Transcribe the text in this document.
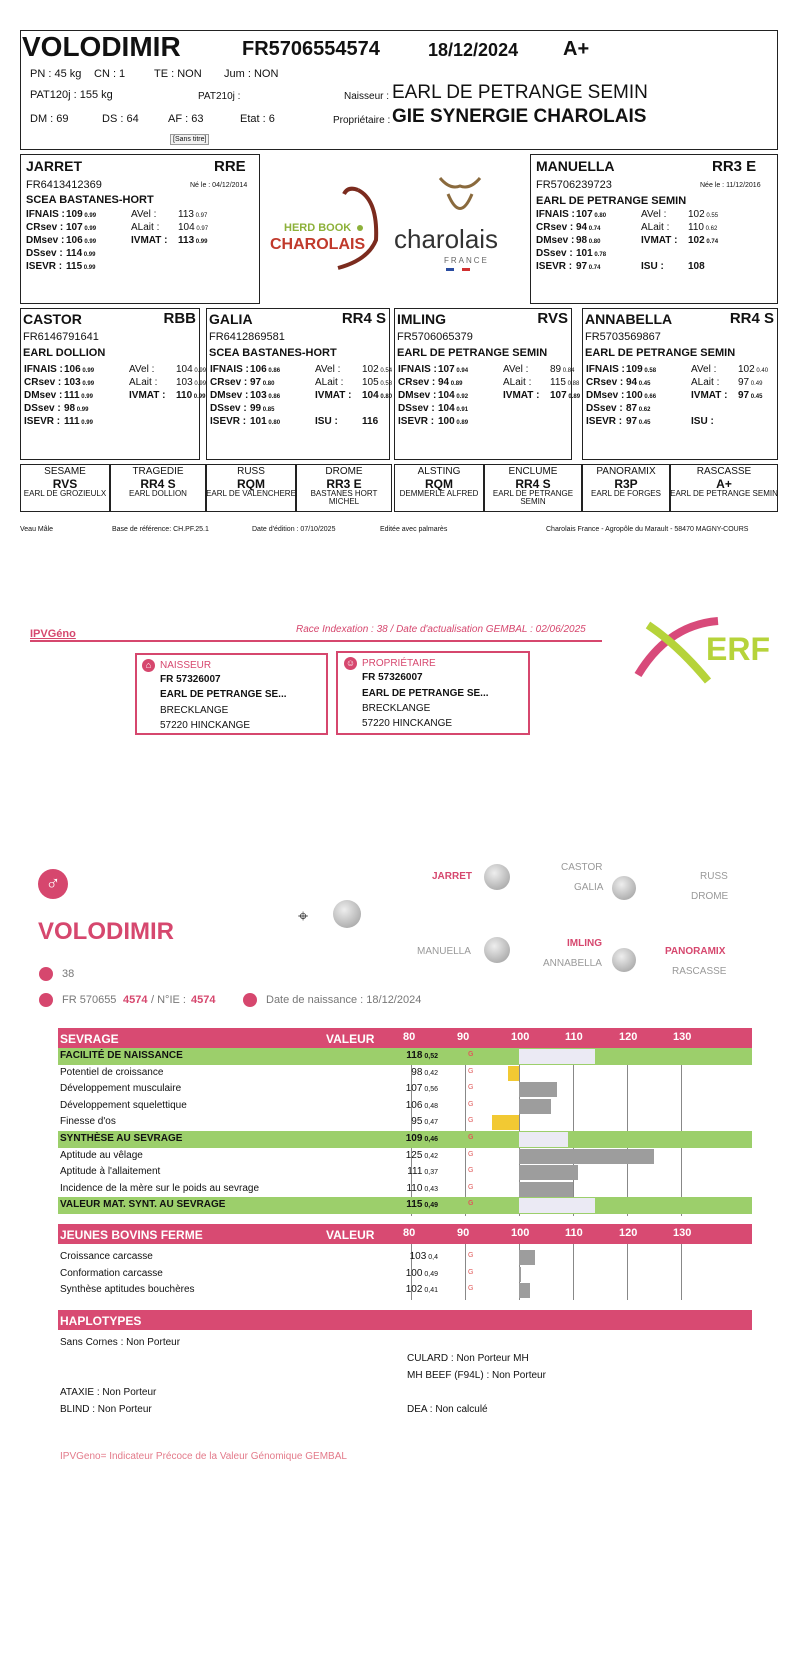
VOLODIMIR	FR5706554574	18/12/2024 A+
PN : 45 kg CN : 1	TE : NON Jum : NON
PAT120j : 155 kg	PAT210j :	Naisseur : EARL DE PETRANGE SEMIN
DM : 69	DS : 64	AF : 63	Etat : 6	Propriétaire : GIE SYNERGIE CHAROLAIS
[Sans titre]
JARRET	RRE
FR6413412369	Né le : 04/12/2014
SCEA BASTANES-HORT
IFNAIS : 109 0.99	AVel : 113 0.97
CRsev : 107 0.99	ALait : 104 0.97
DMsev : 106 0.99	IVMAT : 113 0.99
DSsev : 114 0.99
ISEVR : 115 0.99
HERD BOOK
CHAROLAIS charolais
FRANCE
MANUELLA	RR3 E
FR5706239723	Née le : 11/12/2016
EARL DE PETRANGE SEMIN
IFNAIS : 107 0.80	AVel : 102 0.55
CRsev : 94 0.74	ALait : 110 0.62
DMsev : 98 0.80	IVMAT : 102 0.74
DSsev : 101 0.78
ISEVR : 97 0.74	ISU : 108
CASTOR	RBB
FR6146791641
EARL DOLLION
IFNAIS : 106 0.99	AVel : 104 0.99
CRsev : 103 0.99	ALait : 103 0.99
DMsev : 111 0.99	IVMAT : 110 0.99
DSsev : 98 0.99
ISEVR : 111 0.99
GALIA	RR4 S
FR6412869581
SCEA BASTANES-HORT
IFNAIS : 106 0.86	AVel : 102 0.54
CRsev : 97 0.80	ALait : 105 0.58
DMsev : 103 0.86	IVMAT : 104 0.80
DSsev : 99 0.85
ISEVR : 101 0.80	ISU : 116
IMLING	RVS
FR5706065379
EARL DE PETRANGE SEMIN
IFNAIS : 107 0.94	AVel : 89 0.84
CRsev : 94 0.89	ALait : 115 0.88
DMsev : 104 0.92	IVMAT : 107 0.89
DSsev : 104 0.91
ISEVR : 100 0.89
ANNABELLA	RR4 S
FR5703569867
EARL DE PETRANGE SEMIN
IFNAIS : 109 0.58	AVel : 102 0.40
CRsev : 94 0.45	ALait : 97 0.49
DMsev : 100 0.66	IVMAT : 97 0.45
DSsev : 87 0.62
ISEVR : 97 0.45	ISU :
SESAME
RVS
EARL DE GROZIEULX
TRAGEDIE
RR4 S
EARL DOLLION
RUSS
RQM
EARL DE VALENCHERE
DROME
RR3 E
BASTANES HORT MICHEL
ALSTING
RQM
DEMMERLE ALFRED
ENCLUME
RR4 S
EARL DE PETRANGE SEMIN
PANORAMIX
R3P
EARL DE FORGES
RASCASSE
A+
EARL DE PETRANGE SEMIN
Veau Mâle	Base de référence: CH.PF.25.1	Date d'édition : 07/10/2025	Editée avec palmarès	Charolais France - Agropôle du Marault - 58470 MAGNY-COURS
IPVGéno	Race Indexation : 38 / Date d'actualisation GEMBAL : 02/06/2025
ERF
⌂ NAISSEUR
FR 57326007
EARL DE PETRANGE SE...
BRECKLANGE
57220 HINCKANGE
☺ PROPRIÉTAIRE
FR 57326007
EARL DE PETRANGE SE...
BRECKLANGE
57220 HINCKANGE
♂
VOLODIMIR
38
FR 570655 4574 / N°IE : 4574	Date de naissance : 18/12/2024
⌖
JARRET
MANUELLA
CASTOR
GALIA
IMLING
ANNABELLA
RUSS
DROME
PANORAMIX
RASCASSE
SEVRAGE	VALEUR	80	90	100	110	120	130
FACILITÉ DE NAISSANCE	118 0,52	G
Potentiel de croissance	98 0,42	G
Développement musculaire	107 0,56	G
Développement squelettique	106 0,48	G
Finesse d'os	95 0,47	G
SYNTHÈSE AU SEVRAGE	109 0,46	G
Aptitude au vêlage	125 0,42	G
Aptitude à l'allaitement	111 0,37	G
Incidence de la mère sur le poids au sevrage	110 0,43	G
VALEUR MAT. SYNT. AU SEVRAGE	115 0,49	G
JEUNES BOVINS FERME	VALEUR	80	90	100	110	120	130
Croissance carcasse	103 0,4	G
Conformation carcasse	100 0,49	G
Synthèse aptitudes bouchères	102 0,41	G
HAPLOTYPES
Sans Cornes : Non Porteur
CULARD : Non Porteur MH
MH BEEF (F94L) : Non Porteur
ATAXIE : Non Porteur
BLIND : Non Porteur	DEA : Non calculé
IPVGeno= Indicateur Précoce de la Valeur Génomique GEMBAL
